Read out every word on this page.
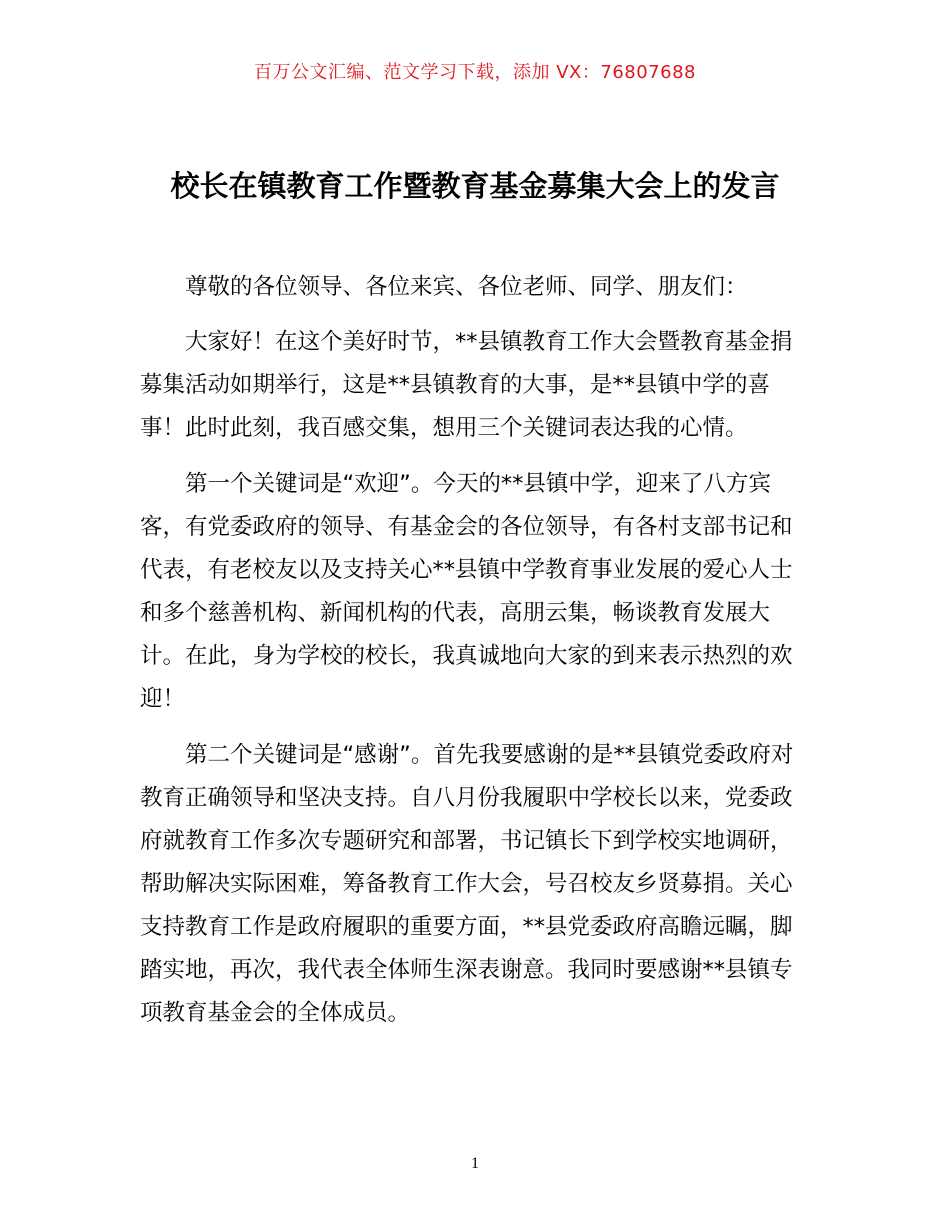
百万公文汇编、范文学习下载，添加 VX：76807688
校长在镇教育工作暨教育基金募集大会上的发言

尊敬的各位领导、各位来宾、各位老师、同学、朋友们：

大家好！在这个美好时节，**县镇教育工作大会暨教育基金捐募集活动如期举行，这是**县镇教育的大事，是**县镇中学的喜事！此时此刻，我百感交集，想用三个关键词表达我的心情。

第一个关键词是“欢迎”。今天的**县镇中学，迎来了八方宾客，有党委政府的领导、有基金会的各位领导，有各村支部书记和代表，有老校友以及支持关心**县镇中学教育事业发展的爱心人士和多个慈善机构、新闻机构的代表，高朋云集，畅谈教育发展大计。在此，身为学校的校长，我真诚地向大家的到来表示热烈的欢迎！

第二个关键词是“感谢”。首先我要感谢的是**县镇党委政府对教育正确领导和坚决支持。自八月份我履职中学校长以来，党委政府就教育工作多次专题研究和部署，书记镇长下到学校实地调研，帮助解决实际困难，筹备教育工作大会，号召校友乡贤募捐。关心支持教育工作是政府履职的重要方面，**县党委政府高瞻远瞩，脚踏实地，再次，我代表全体师生深表谢意。我同时要感谢**县镇专项教育基金会的全体成员。

1
